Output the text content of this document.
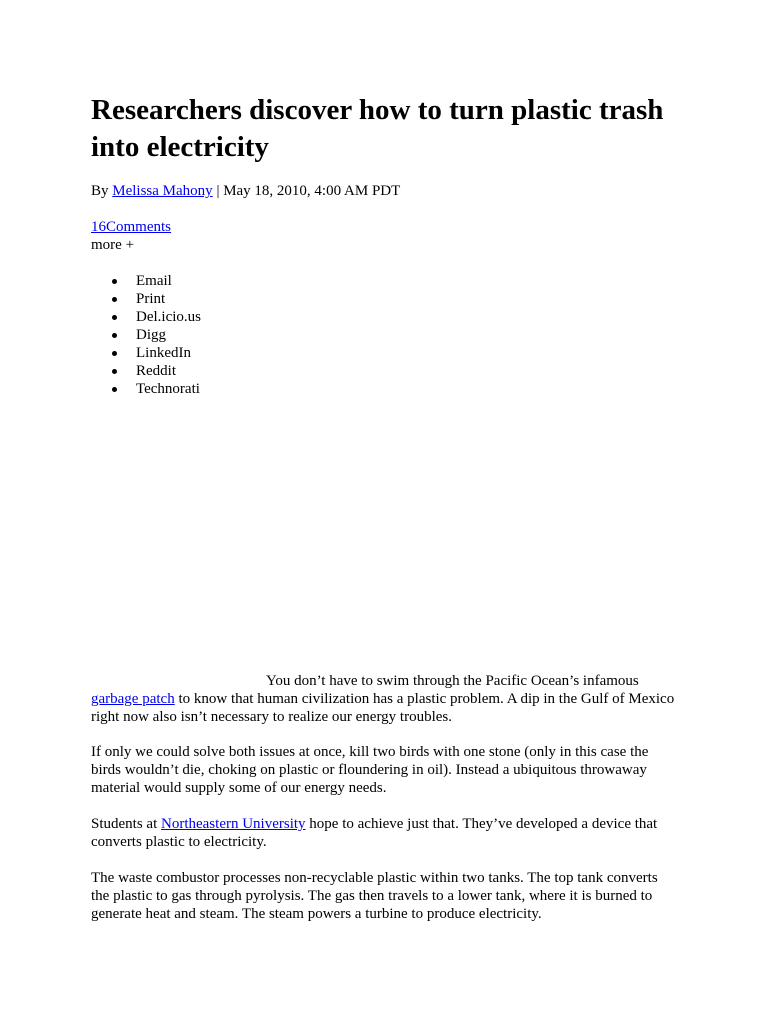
Researchers discover how to turn plastic trash into electricity
By Melissa Mahony | May 18, 2010, 4:00 AM PDT
16Comments
more +
Email
Print
Del.icio.us
Digg
LinkedIn
Reddit
Technorati

You don’t have to swim through the Pacific Ocean’s infamous
garbage patch to know that human civilization has a plastic problem. A dip in the Gulf of Mexico
right now also isn’t necessary to realize our energy troubles.

If only we could solve both issues at once, kill two birds with one stone (only in this case the
birds wouldn’t die, choking on plastic or floundering in oil). Instead a ubiquitous throwaway
material would supply some of our energy needs.

Students at Northeastern University hope to achieve just that. They’ve developed a device that
converts plastic to electricity.

The waste combustor processes non-recyclable plastic within two tanks. The top tank converts
the plastic to gas through pyrolysis. The gas then travels to a lower tank, where it is burned to
generate heat and steam. The steam powers a turbine to produce electricity.
